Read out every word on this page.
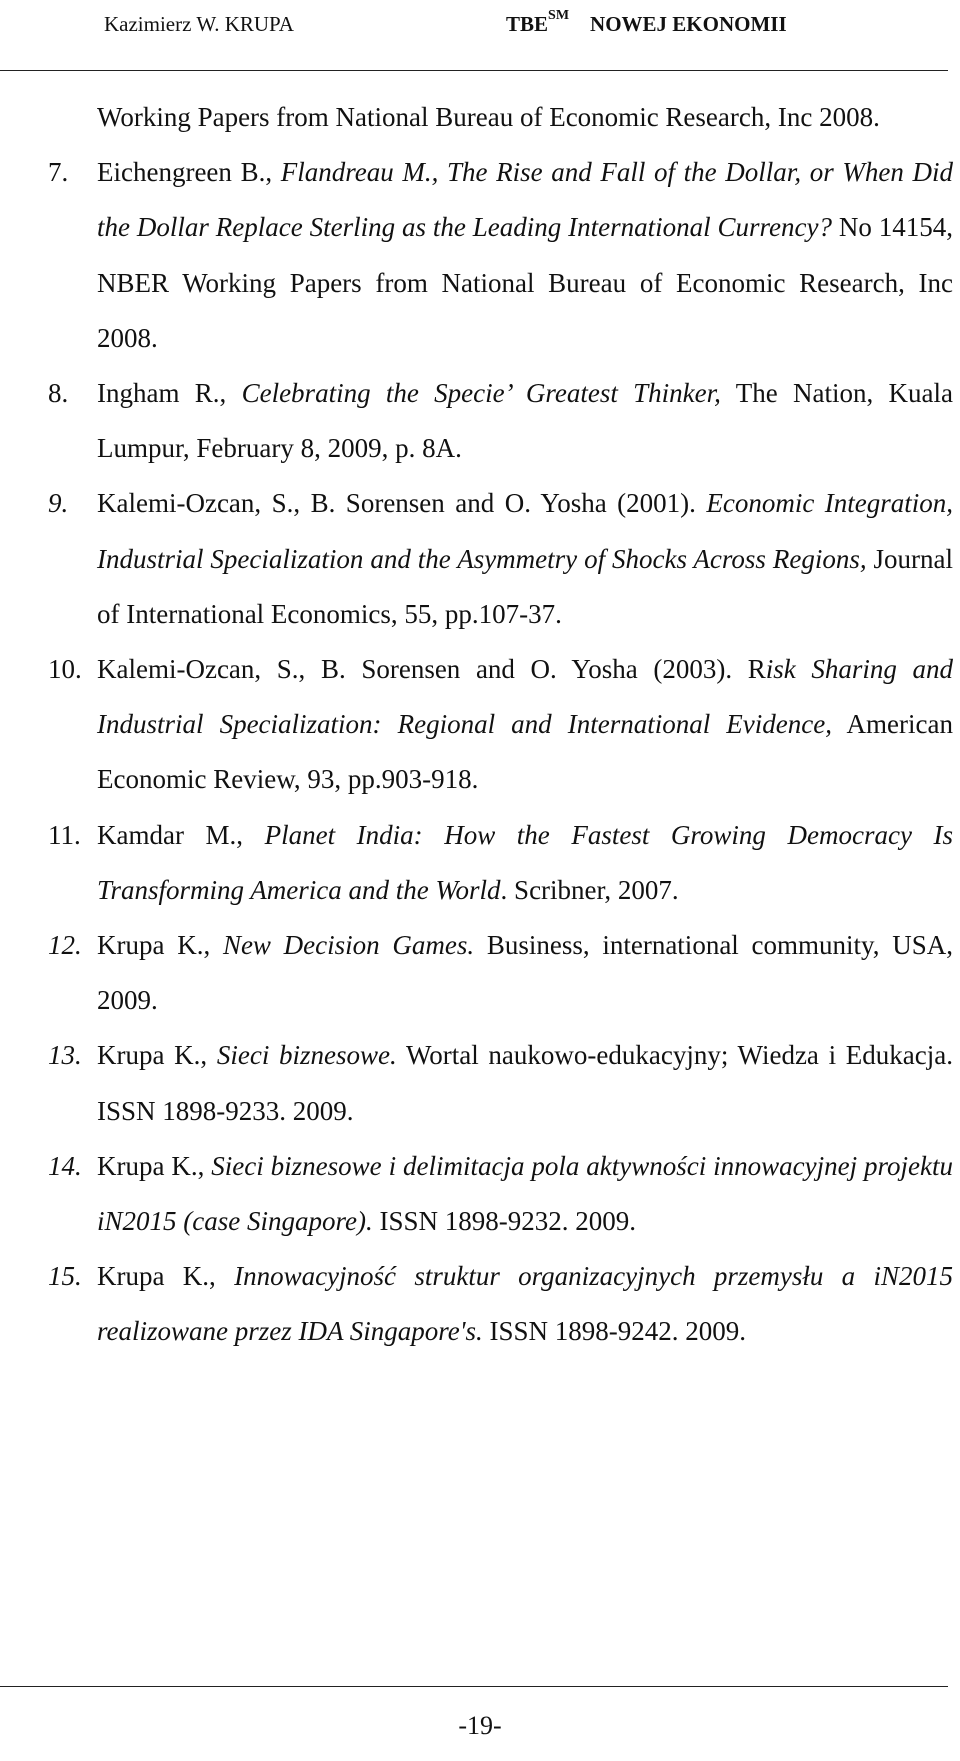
Kazimierz W. KRUPA	TBE℠ NOWEJ EKONOMII
Working Papers from National Bureau of Economic Research, Inc 2008.
7. Eichengreen B., Flandreau M., The Rise and Fall of the Dollar, or When Did the Dollar Replace Sterling as the Leading International Currency? No 14154, NBER Working Papers from National Bureau of Economic Research, Inc 2008.
8. Ingham R., Celebrating the Specie’ Greatest Thinker, The Nation, Kuala Lumpur, February 8, 2009, p. 8A.
9. Kalemi-Ozcan, S., B. Sorensen and O. Yosha (2001). Economic Integration, Industrial Specialization and the Asymmetry of Shocks Across Regions, Journal of International Economics, 55, pp.107-37.
10. Kalemi-Ozcan, S., B. Sorensen and O. Yosha (2003). Risk Sharing and Industrial Specialization: Regional and International Evidence, American Economic Review, 93, pp.903-918.
11. Kamdar M., Planet India: How the Fastest Growing Democracy Is Transforming America and the World. Scribner, 2007.
12. Krupa K., New Decision Games. Business, international community, USA, 2009.
13. Krupa K., Sieci biznesowe. Wortal naukowo-edukacyjny; Wiedza i Edukacja. ISSN 1898-9233. 2009.
14. Krupa K., Sieci biznesowe i delimitacja pola aktywności innowacyjnej projektu iN2015 (case Singapore). ISSN 1898-9232. 2009.
15. Krupa K., Innowacyjność struktur organizacyjnych przemysłu a iN2015 realizowane przez IDA Singapore's. ISSN 1898-9242. 2009.
-19-
